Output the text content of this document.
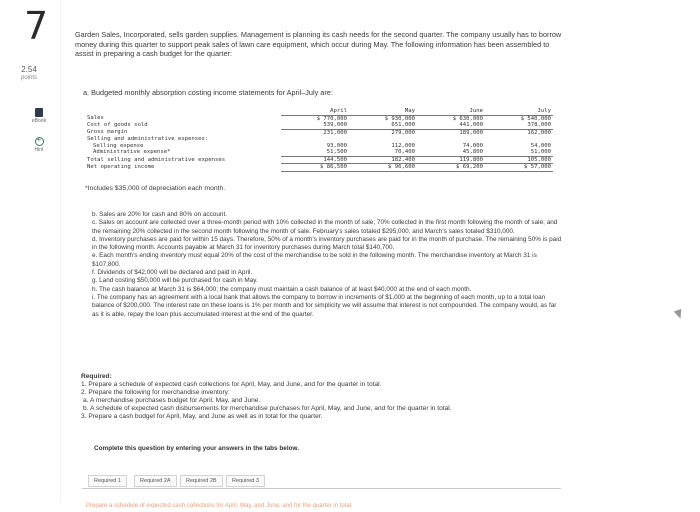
7
2.54
points
eBook
+
Hint
Garden Sales, Incorporated, sells garden supplies. Management is planning its cash needs for the second quarter. The company usually has to borrow money during this quarter to support peak sales of lawn care equipment, which occur during May. The following information has been assembled to assist in preparing a cash budget for the quarter:
a. Budgeted monthly absorption costing income statements for April–July are:
	April	May	June	July
Sales	$ 770,000	$ 930,000	$ 630,000	$ 540,000
Cost of goods sold	539,000	651,000	441,000	378,000
Gross margin	231,000	279,000	189,000	162,000
Selling and administrative expenses:				
Selling expense	93,000	112,000	74,000	54,000
Administrative expense*	51,500	70,400	45,800	51,000
Total selling and administrative expenses	144,500	182,400	119,800	105,000
Net operating income	$ 86,500	$ 96,600	$ 69,200	$ 57,000
*Includes $35,000 of depreciation each month.

b. Sales are 20% for cash and 80% on account.

c. Sales on account are collected over a three-month period with 10% collected in the month of sale; 70% collected in the first month following the month of sale; and the remaining 20% collected in the second month following the month of sale. February's sales totaled $295,000, and March's sales totaled $310,000.

d. Inventory purchases are paid for within 15 days. Therefore, 50% of a month's inventory purchases are paid for in the month of purchase. The remaining 50% is paid in the following month. Accounts payable at March 31 for inventory purchases during March total $140,700.

e. Each month's ending inventory must equal 20% of the cost of the merchandise to be sold in the following month. The merchandise inventory at March 31 is $107,800.

f. Dividends of $42,000 will be declared and paid in April.

g. Land costing $50,000 will be purchased for cash in May.

h. The cash balance at March 31 is $64,000; the company must maintain a cash balance of at least $40,000 at the end of each month.

i. The company has an agreement with a local bank that allows the company to borrow in increments of $1,000 at the beginning of each month, up to a total loan balance of $200,000. The interest rate on these loans is 1% per month and for simplicity we will assume that interest is not compounded. The company would, as far as it is able, repay the loan plus accumulated interest at the end of the quarter.

Required:

1. Prepare a schedule of expected cash collections for April, May, and June, and for the quarter in total.

2. Prepare the following for merchandise inventory:

a. A merchandise purchases budget for April, May, and June.

b. A schedule of expected cash disbursements for merchandise purchases for April, May, and June, and for the quarter in total.

3. Prepare a cash budget for April, May, and June as well as in total for the quarter.

Complete this question by entering your answers in the tabs below.
Required 1	Required 2A	Required 2B	Required 3
Prepare a schedule of expected cash collections for April, May, and June, and for the quarter in total.
